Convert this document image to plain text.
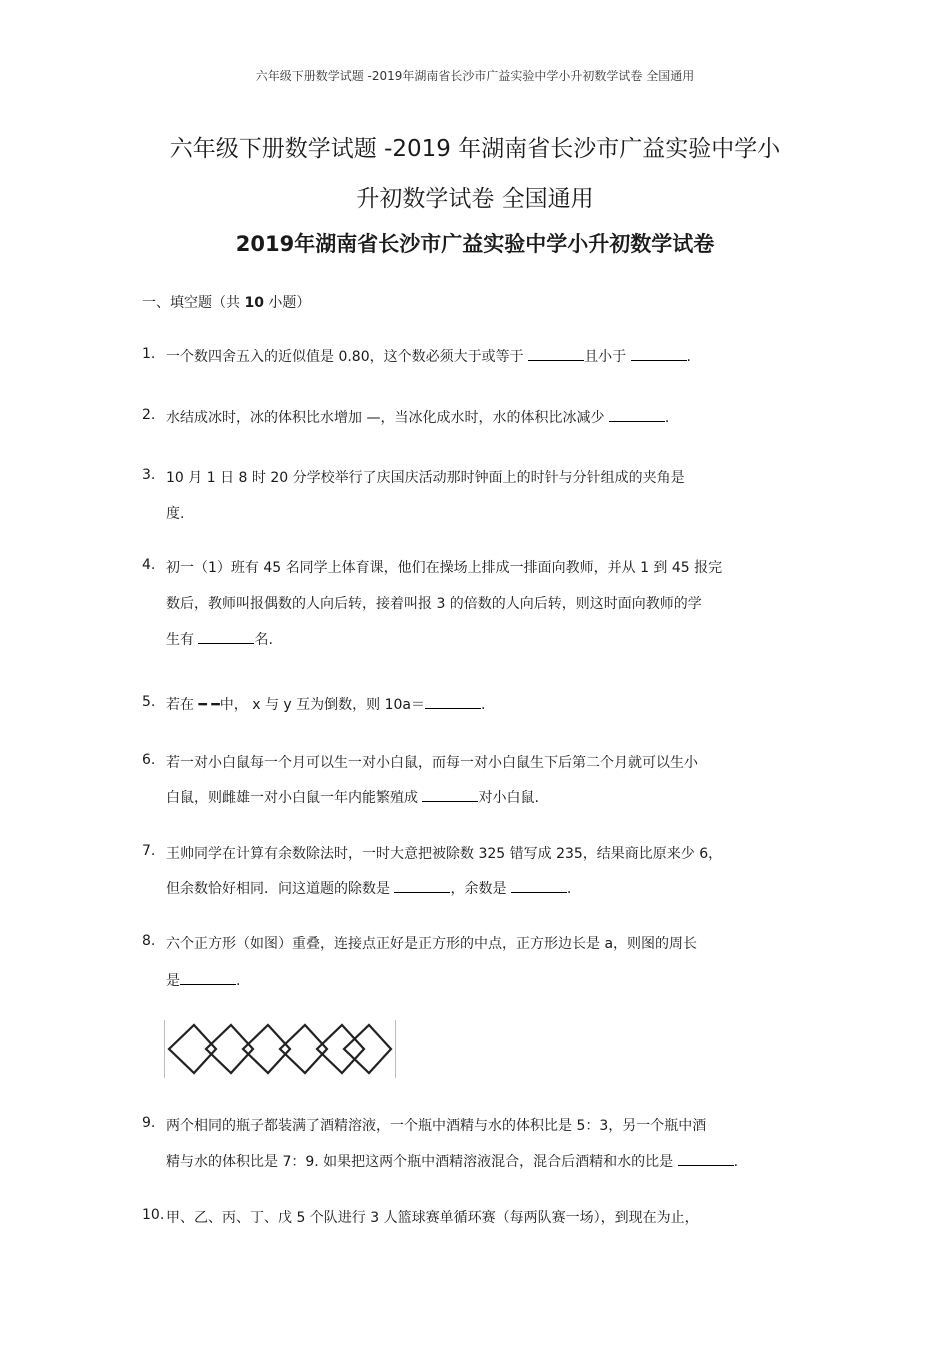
六年级下册数学试题 -2019年湖南省长沙市广益实验中学小升初数学试卷 全国通用
六年级下册数学试题 -2019 年湖南省长沙市广益实验中学小
升初数学试卷 全国通用
2019年湖南省长沙市广益实验中学小升初数学试卷
一、填空题（共 10 小题）
1. 一个数四舍五入的近似值是 0.80，这个数必须大于或等于	且小于	.
2. 水结成冰时，冰的体积比水增加 —，当冰化成水时，水的体积比冰减少	.
3. 10 月 1 日 8 时 20 分学校举行了庆国庆活动那时钟面上的时针与分针组成的夹角是
度.
4. 初一（1）班有 45 名同学上体育课，他们在操场上排成一排面向教师，并从 1 到 45 报完
数后，教师叫报偶数的人向后转，接着叫报 3 的倍数的人向后转，则这时面向教师的学
生有	名.
5. 若在 ━ ━中， x 与 y 互为倒数，则 10a＝	.
6. 若一对小白鼠每一个月可以生一对小白鼠，而每一对小白鼠生下后第二个月就可以生小
白鼠，则雌雄一对小白鼠一年内能繁殖成	对小白鼠.
7. 王帅同学在计算有余数除法时，一时大意把被除数 325 错写成 235，结果商比原来少 6，
但余数恰好相同．问这道题的除数是	，余数是	.
8. 六个正方形（如图）重叠，连接点正好是正方形的中点，正方形边长是 a，则图的周长
是	.
9. 两个相同的瓶子都装满了酒精溶液，一个瓶中酒精与水的体积比是 5：3，另一个瓶中酒
精与水的体积比是 7：9. 如果把这两个瓶中酒精溶液混合，混合后酒精和水的比是	.
10. 甲、乙、丙、丁、戊 5 个队进行 3 人篮球赛单循环赛（每两队赛一场），到现在为止，
